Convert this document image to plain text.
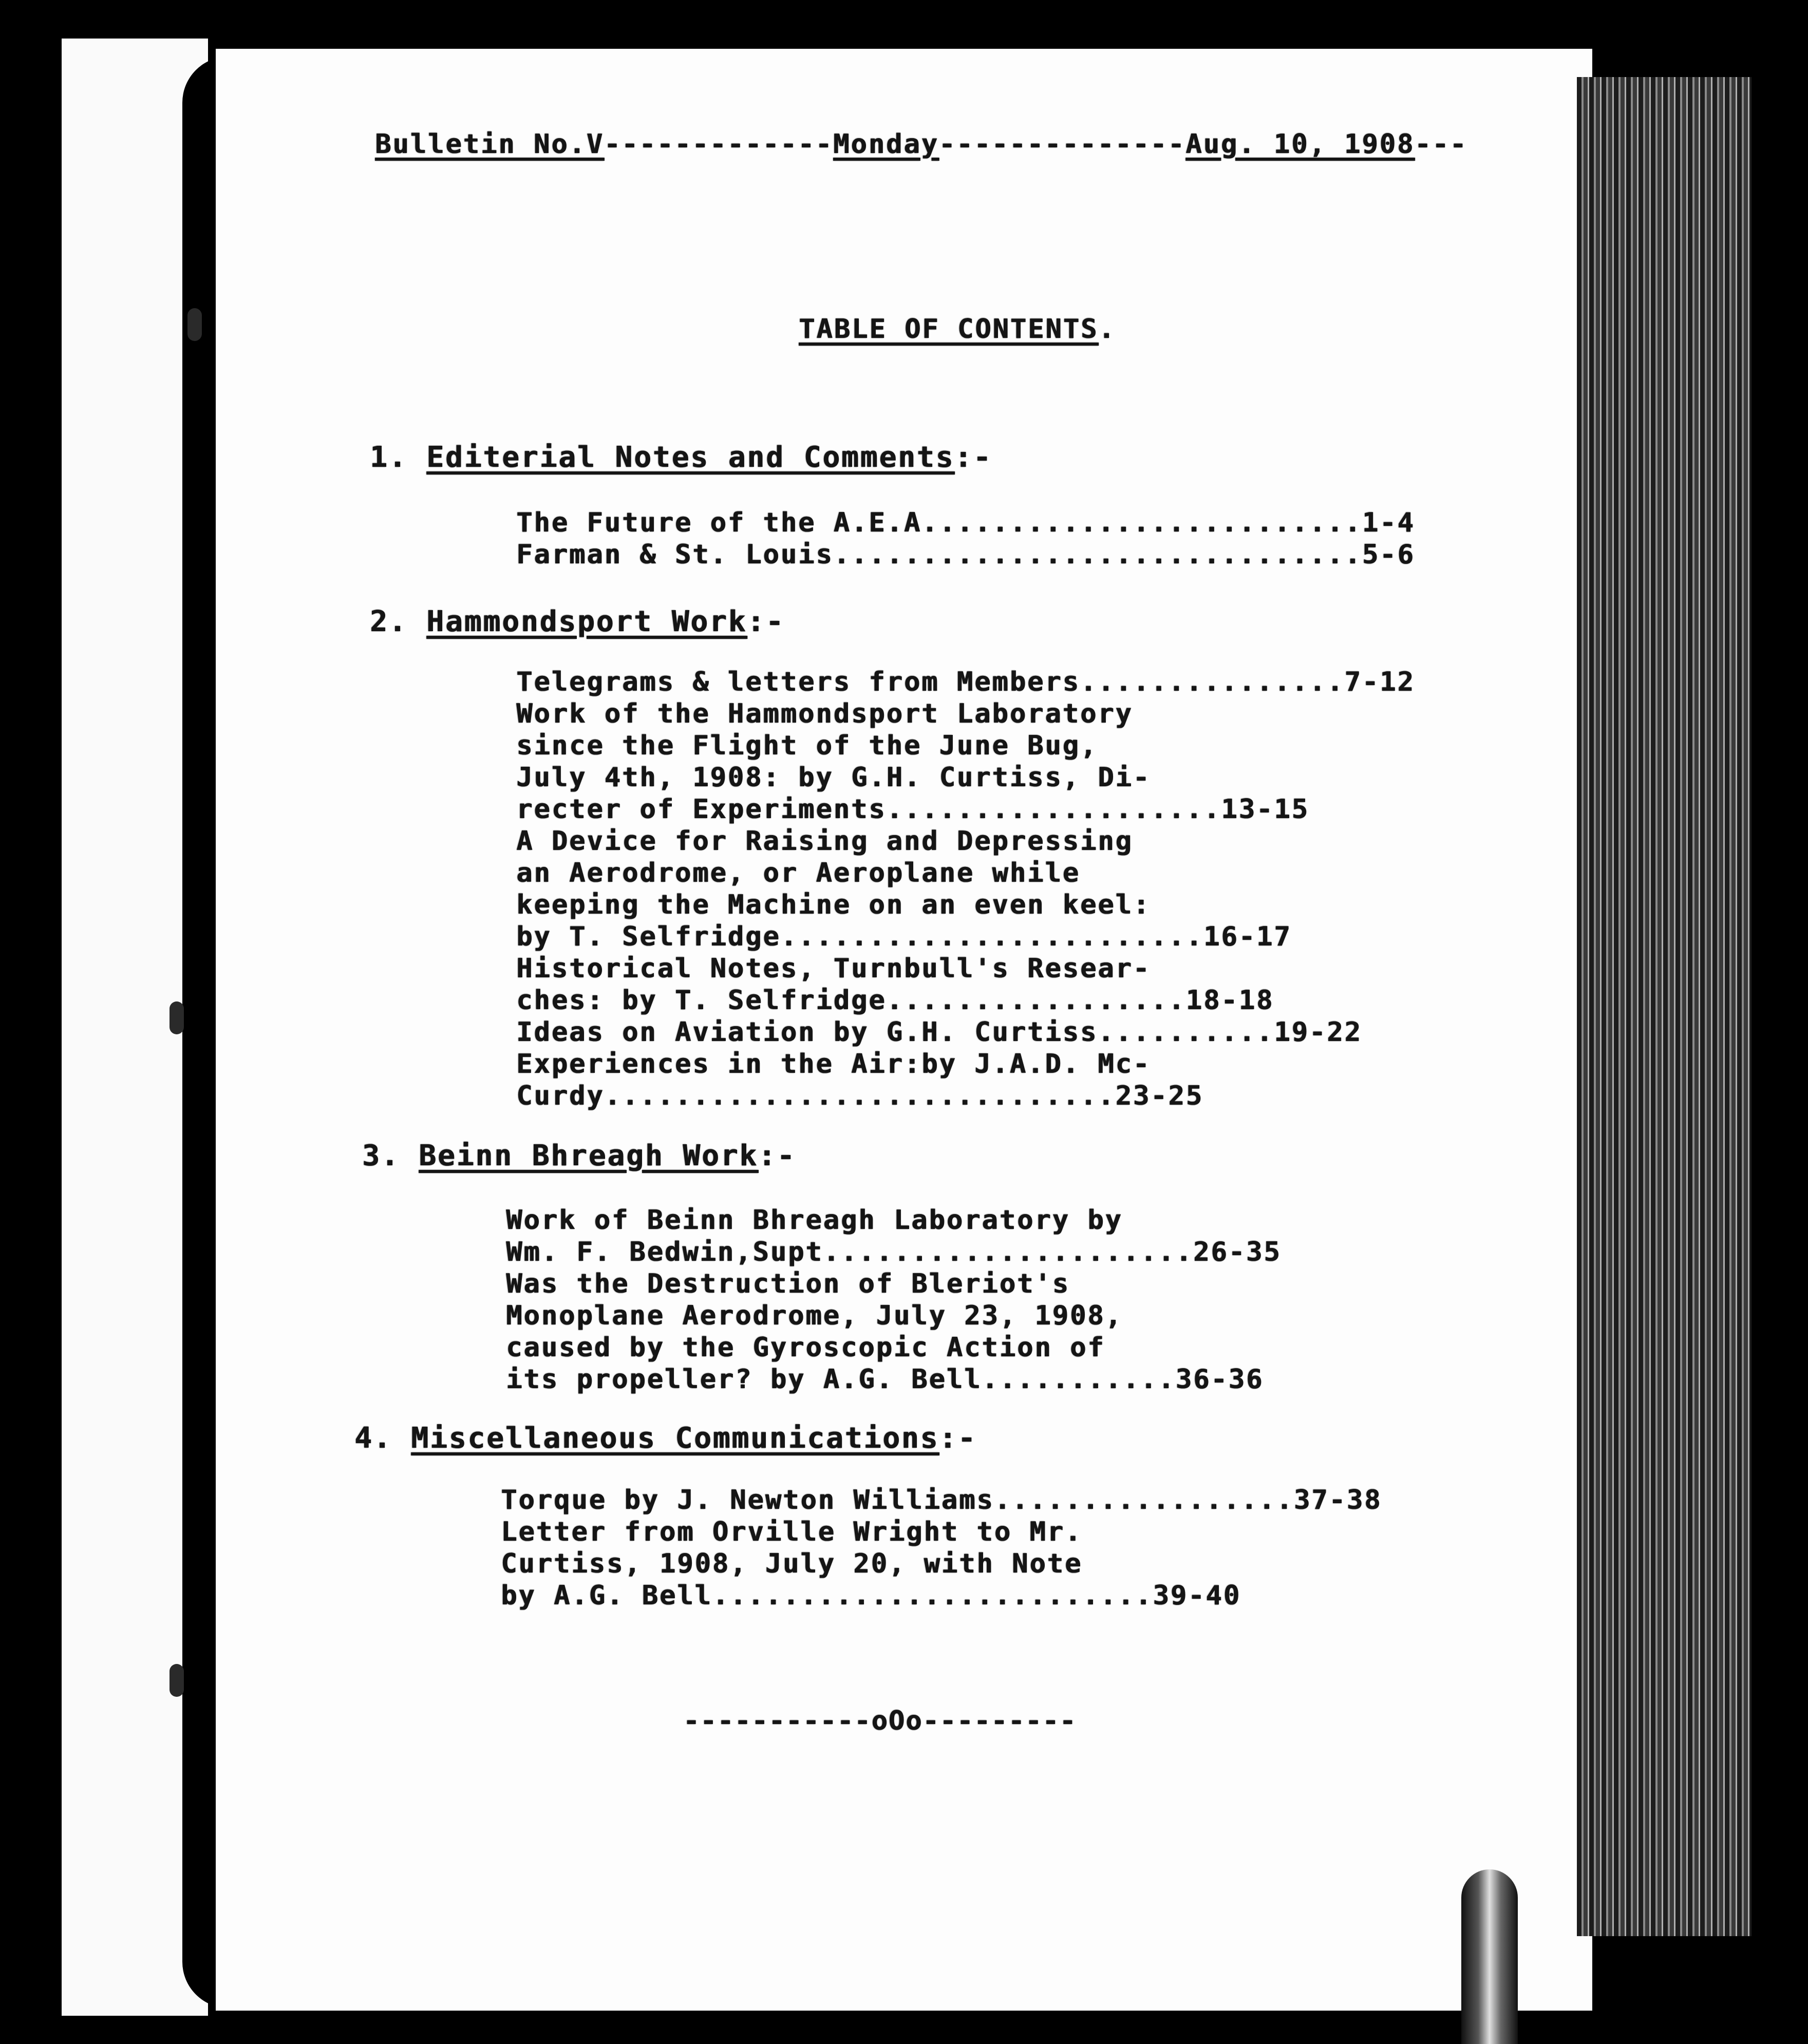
Bulletin No.V-------------Monday--------------Aug. 10, 1908---
TABLE OF CONTENTS.
1. Editerial Notes and Comments:-
The Future of the A.E.A.........................1-4
Farman & St. Louis..............................5-6
2. Hammondsport Work:-
Telegrams & letters from Members...............7-12
Work of the Hammondsport Laboratory
since the Flight of the June Bug,
July 4th, 1908: by G.H. Curtiss, Di-
recter of Experiments...................13-15
A Device for Raising and Depressing
an Aerodrome, or Aeroplane while
keeping the Machine on an even keel:
by T. Selfridge........................16-17
Historical Notes, Turnbull's Resear-
ches: by T. Selfridge.................18-18
Ideas on Aviation by G.H. Curtiss..........19-22
Experiences in the Air:by J.A.D. Mc-
Curdy.............................23-25
3. Beinn Bhreagh Work:-
Work of Beinn Bhreagh Laboratory by
Wm. F. Bedwin,Supt.....................26-35
Was the Destruction of Bleriot's
Monoplane Aerodrome, July 23, 1908,
caused by the Gyroscopic Action of
its propeller? by A.G. Bell...........36-36
4. Miscellaneous Communications:-
Torque by J. Newton Williams.................37-38
Letter from Orville Wright to Mr.
Curtiss, 1908, July 20, with Note
by A.G. Bell.........................39-40
-----------oOo---------
